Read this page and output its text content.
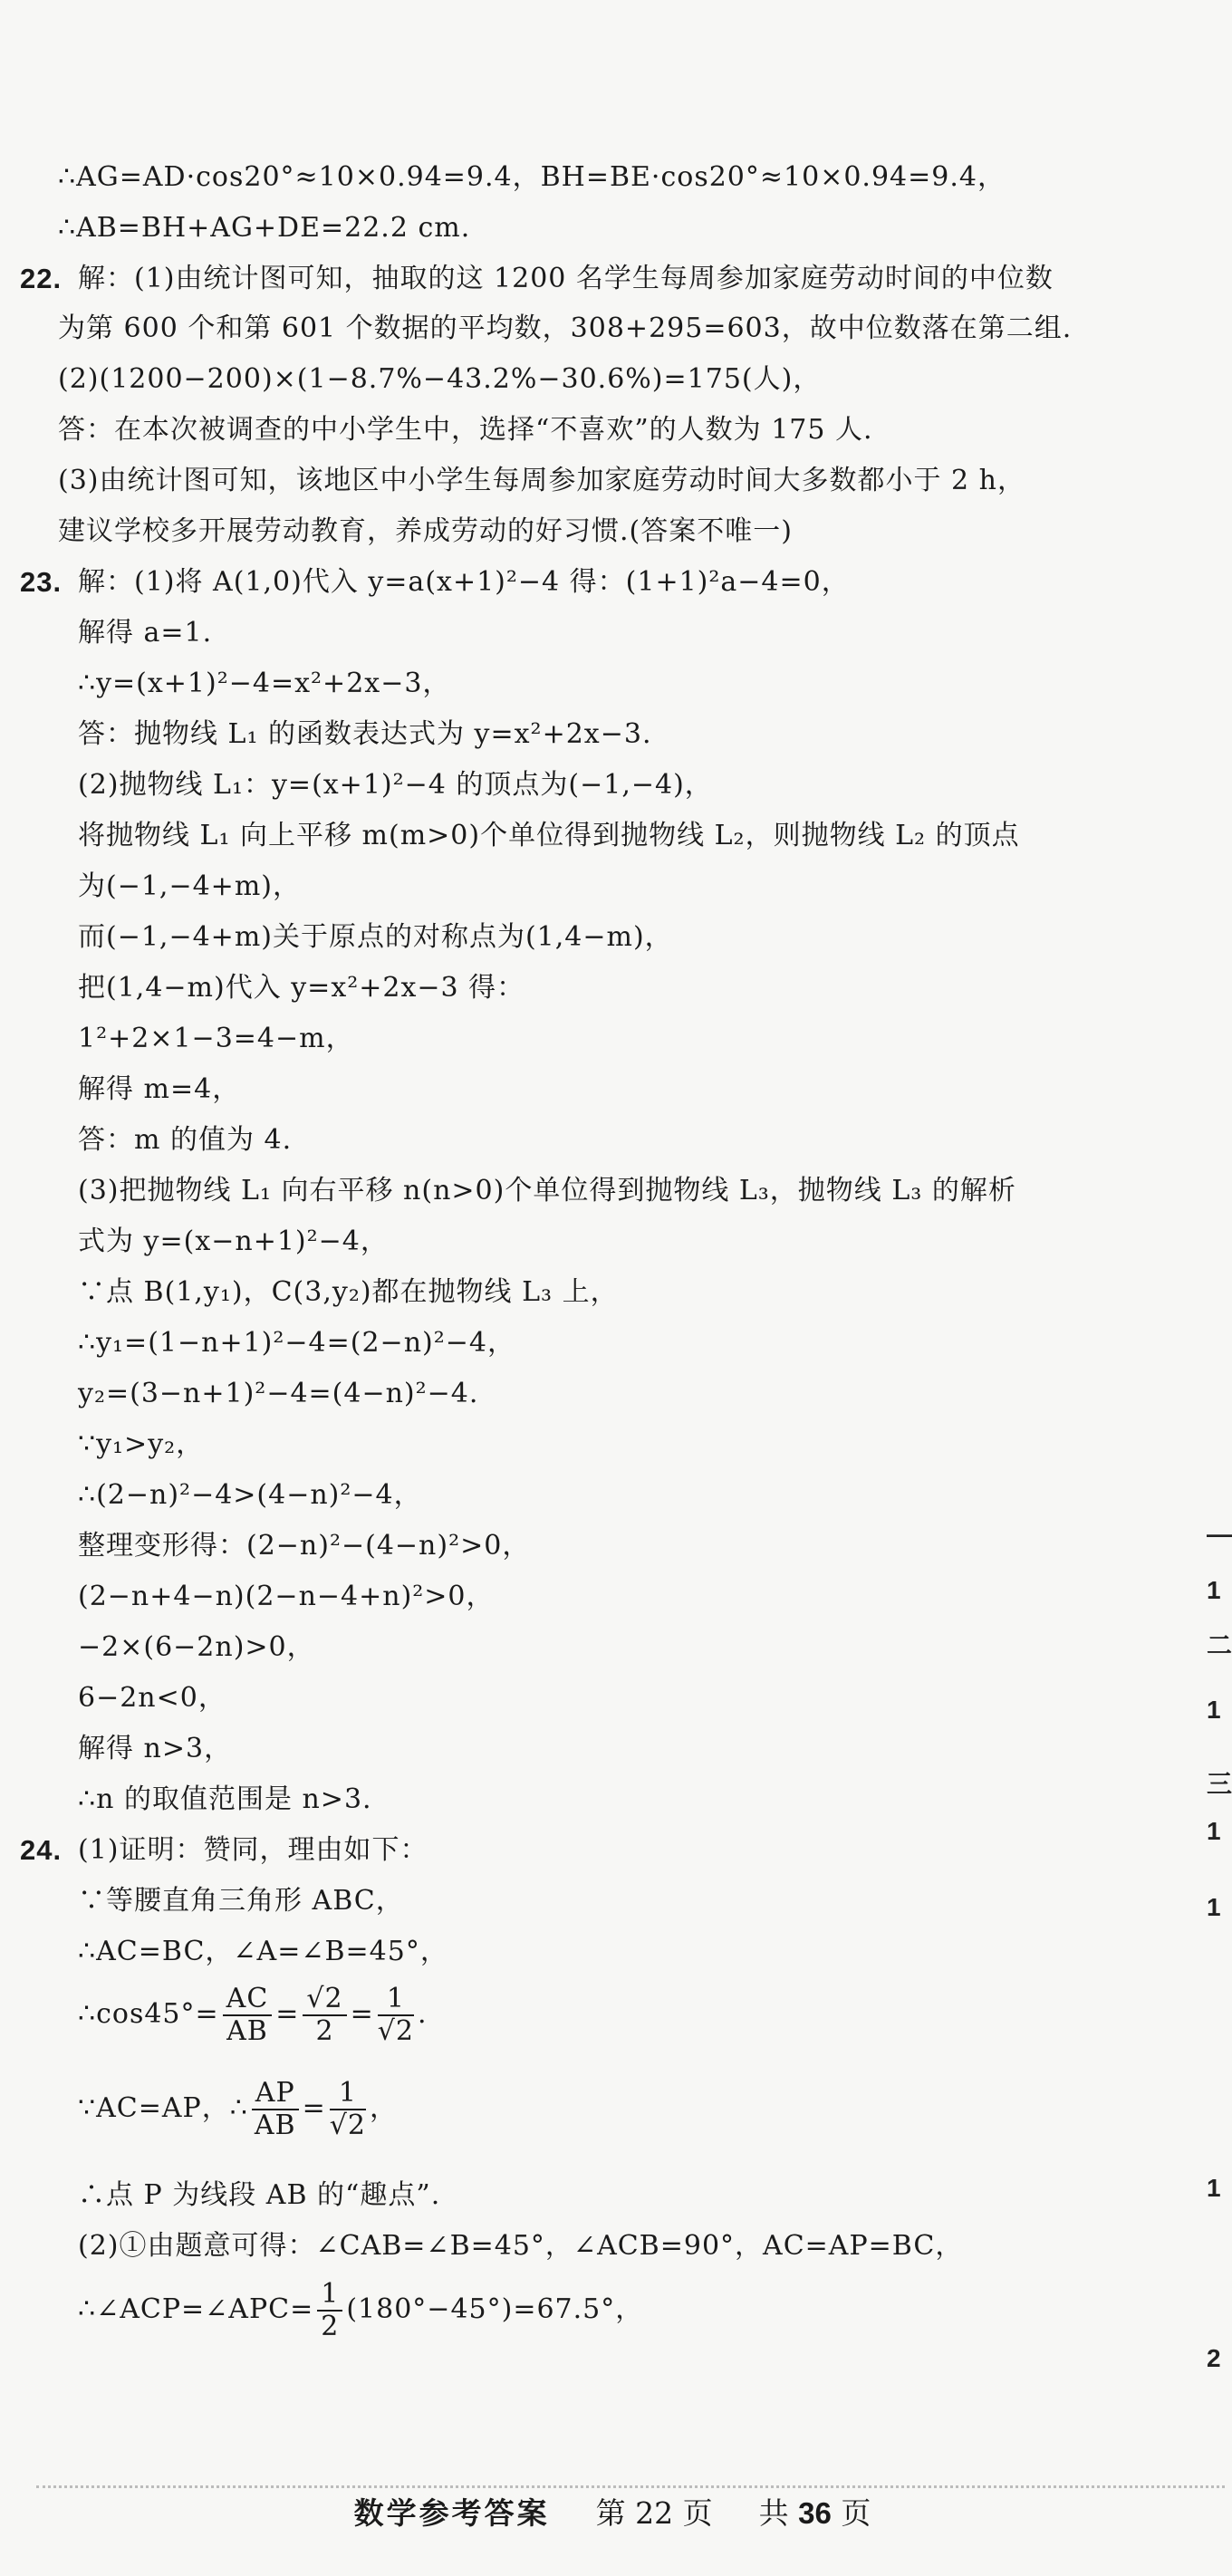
∴AG=AD·cos20°≈10×0.94=9.4，BH=BE·cos20°≈10×0.94=9.4，
∴AB=BH+AG+DE=22.2 cm.
22. 解：(1)由统计图可知，抽取的这 1200 名学生每周参加家庭劳动时间的中位数
为第 600 个和第 601 个数据的平均数，308+295=603，故中位数落在第二组.
(2)(1200−200)×(1−8.7%−43.2%−30.6%)=175(人)，
答：在本次被调查的中小学生中，选择“不喜欢”的人数为 175 人.
(3)由统计图可知，该地区中小学生每周参加家庭劳动时间大多数都小于 2 h，
建议学校多开展劳动教育，养成劳动的好习惯.(答案不唯一)
23. 解：(1)将 A(1,0)代入 y=a(x+1)²−4 得：(1+1)²a−4=0，
解得 a=1.
∴y=(x+1)²−4=x²+2x−3，
答：抛物线 L₁ 的函数表达式为 y=x²+2x−3.
(2)抛物线 L₁：y=(x+1)²−4 的顶点为(−1,−4)，
将抛物线 L₁ 向上平移 m(m>0)个单位得到抛物线 L₂，则抛物线 L₂ 的顶点
为(−1,−4+m)，
而(−1,−4+m)关于原点的对称点为(1,4−m)，
把(1,4−m)代入 y=x²+2x−3 得：
1²+2×1−3=4−m，
解得 m=4，
答：m 的值为 4.
(3)把抛物线 L₁ 向右平移 n(n>0)个单位得到抛物线 L₃，抛物线 L₃ 的解析
式为 y=(x−n+1)²−4，
∵点 B(1,y₁)，C(3,y₂)都在抛物线 L₃ 上，
∴y₁=(1−n+1)²−4=(2−n)²−4，
y₂=(3−n+1)²−4=(4−n)²−4.
∵y₁>y₂，
∴(2−n)²−4>(4−n)²−4，
整理变形得：(2−n)²−(4−n)²>0，
(2−n+4−n)(2−n−4+n)²>0，
−2×(6−2n)>0，
6−2n<0，
解得 n>3，
∴n 的取值范围是 n>3.
24. (1)证明：赞同，理由如下：
∵等腰直角三角形 ABC，
∴AC=BC，∠A=∠B=45°，
∴cos45°= $\frac{AC}{AB} = \frac{√2}{2} = \frac{1}{√2}$ .
∵AC=AP，∴ $\frac{AP}{AB} = \frac{1}{√2}$ ，
∴点 P 为线段 AB 的“趣点”.
(2)①由题意可得：∠CAB=∠B=45°，∠ACB=90°，AC=AP=BC，
∴∠ACP=∠APC= $\frac{1}{2} (180^\circ-45^\circ)=67.5^\circ$，
—
1
二
1
三
1
1
1
2
数学参考答案 第 22 页 共 36 页
